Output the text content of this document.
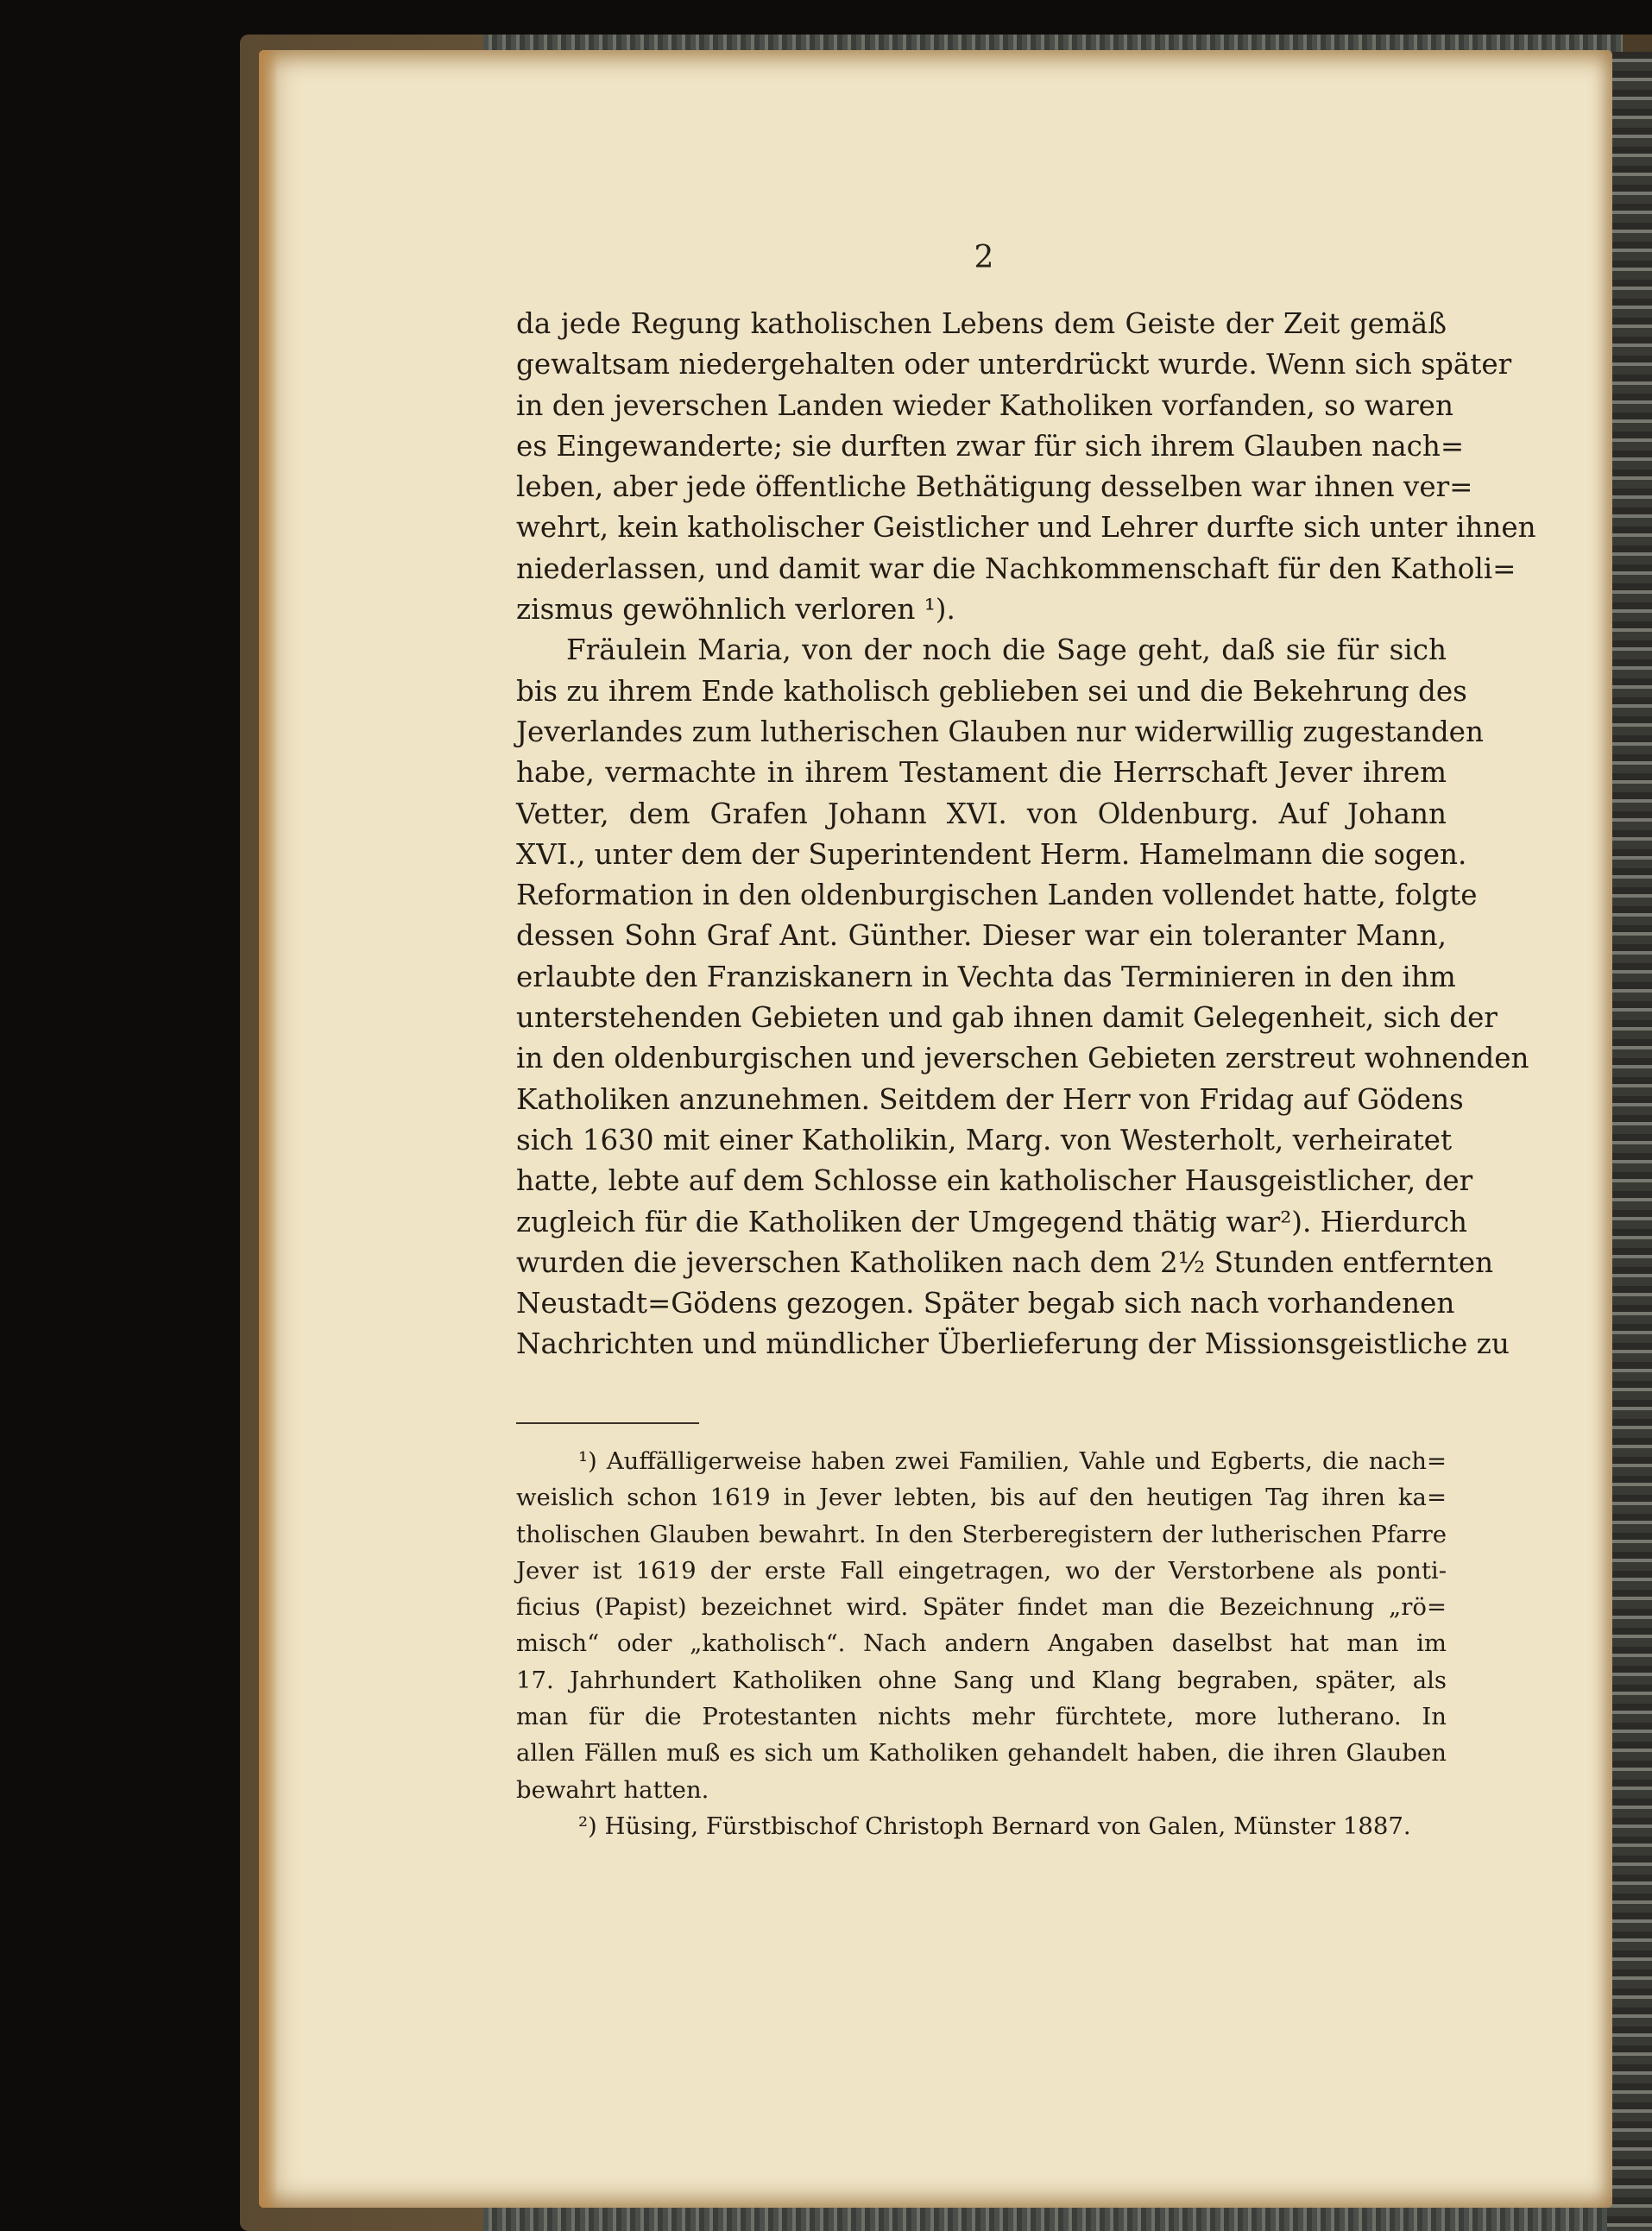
2

da jede Regung katholischen Lebens dem Geiste der Zeit gemäß
gewaltsam niedergehalten oder unterdrückt wurde. Wenn sich später
in den jeverschen Landen wieder Katholiken vorfanden, so waren
es Eingewanderte; sie durften zwar für sich ihrem Glauben nach=
leben, aber jede öffentliche Bethätigung desselben war ihnen ver=
wehrt, kein katholischer Geistlicher und Lehrer durfte sich unter ihnen
niederlassen, und damit war die Nachkommenschaft für den Katholi=
zismus gewöhnlich verloren ¹).

Fräulein Maria, von der noch die Sage geht, daß sie für sich
bis zu ihrem Ende katholisch geblieben sei und die Bekehrung des
Jeverlandes zum lutherischen Glauben nur widerwillig zugestanden
habe, vermachte in ihrem Testament die Herrschaft Jever ihrem
Vetter, dem Grafen Johann XVI. von Oldenburg. Auf Johann
XVI., unter dem der Superintendent Herm. Hamelmann die sogen.
Reformation in den oldenburgischen Landen vollendet hatte, folgte
dessen Sohn Graf Ant. Günther. Dieser war ein toleranter Mann,
erlaubte den Franziskanern in Vechta das Terminieren in den ihm
unterstehenden Gebieten und gab ihnen damit Gelegenheit, sich der
in den oldenburgischen und jeverschen Gebieten zerstreut wohnenden
Katholiken anzunehmen. Seitdem der Herr von Fridag auf Gödens
sich 1630 mit einer Katholikin, Marg. von Westerholt, verheiratet
hatte, lebte auf dem Schlosse ein katholischer Hausgeistlicher, der
zugleich für die Katholiken der Umgegend thätig war²). Hierdurch
wurden die jeverschen Katholiken nach dem 2½ Stunden entfernten
Neustadt=Gödens gezogen. Später begab sich nach vorhandenen
Nachrichten und mündlicher Überlieferung der Missionsgeistliche zu

¹) Auffälligerweise haben zwei Familien, Vahle und Egberts, die nach=
weislich schon 1619 in Jever lebten, bis auf den heutigen Tag ihren ka=
tholischen Glauben bewahrt. In den Sterberegistern der lutherischen Pfarre
Jever ist 1619 der erste Fall eingetragen, wo der Verstorbene als ponti-
ficius (Papist) bezeichnet wird. Später findet man die Bezeichnung „rö=
misch“ oder „katholisch“. Nach andern Angaben daselbst hat man im
17. Jahrhundert Katholiken ohne Sang und Klang begraben, später, als
man für die Protestanten nichts mehr fürchtete, more lutherano. In
allen Fällen muß es sich um Katholiken gehandelt haben, die ihren Glauben
bewahrt hatten.
²) Hüsing, Fürstbischof Christoph Bernard von Galen, Münster 1887.
